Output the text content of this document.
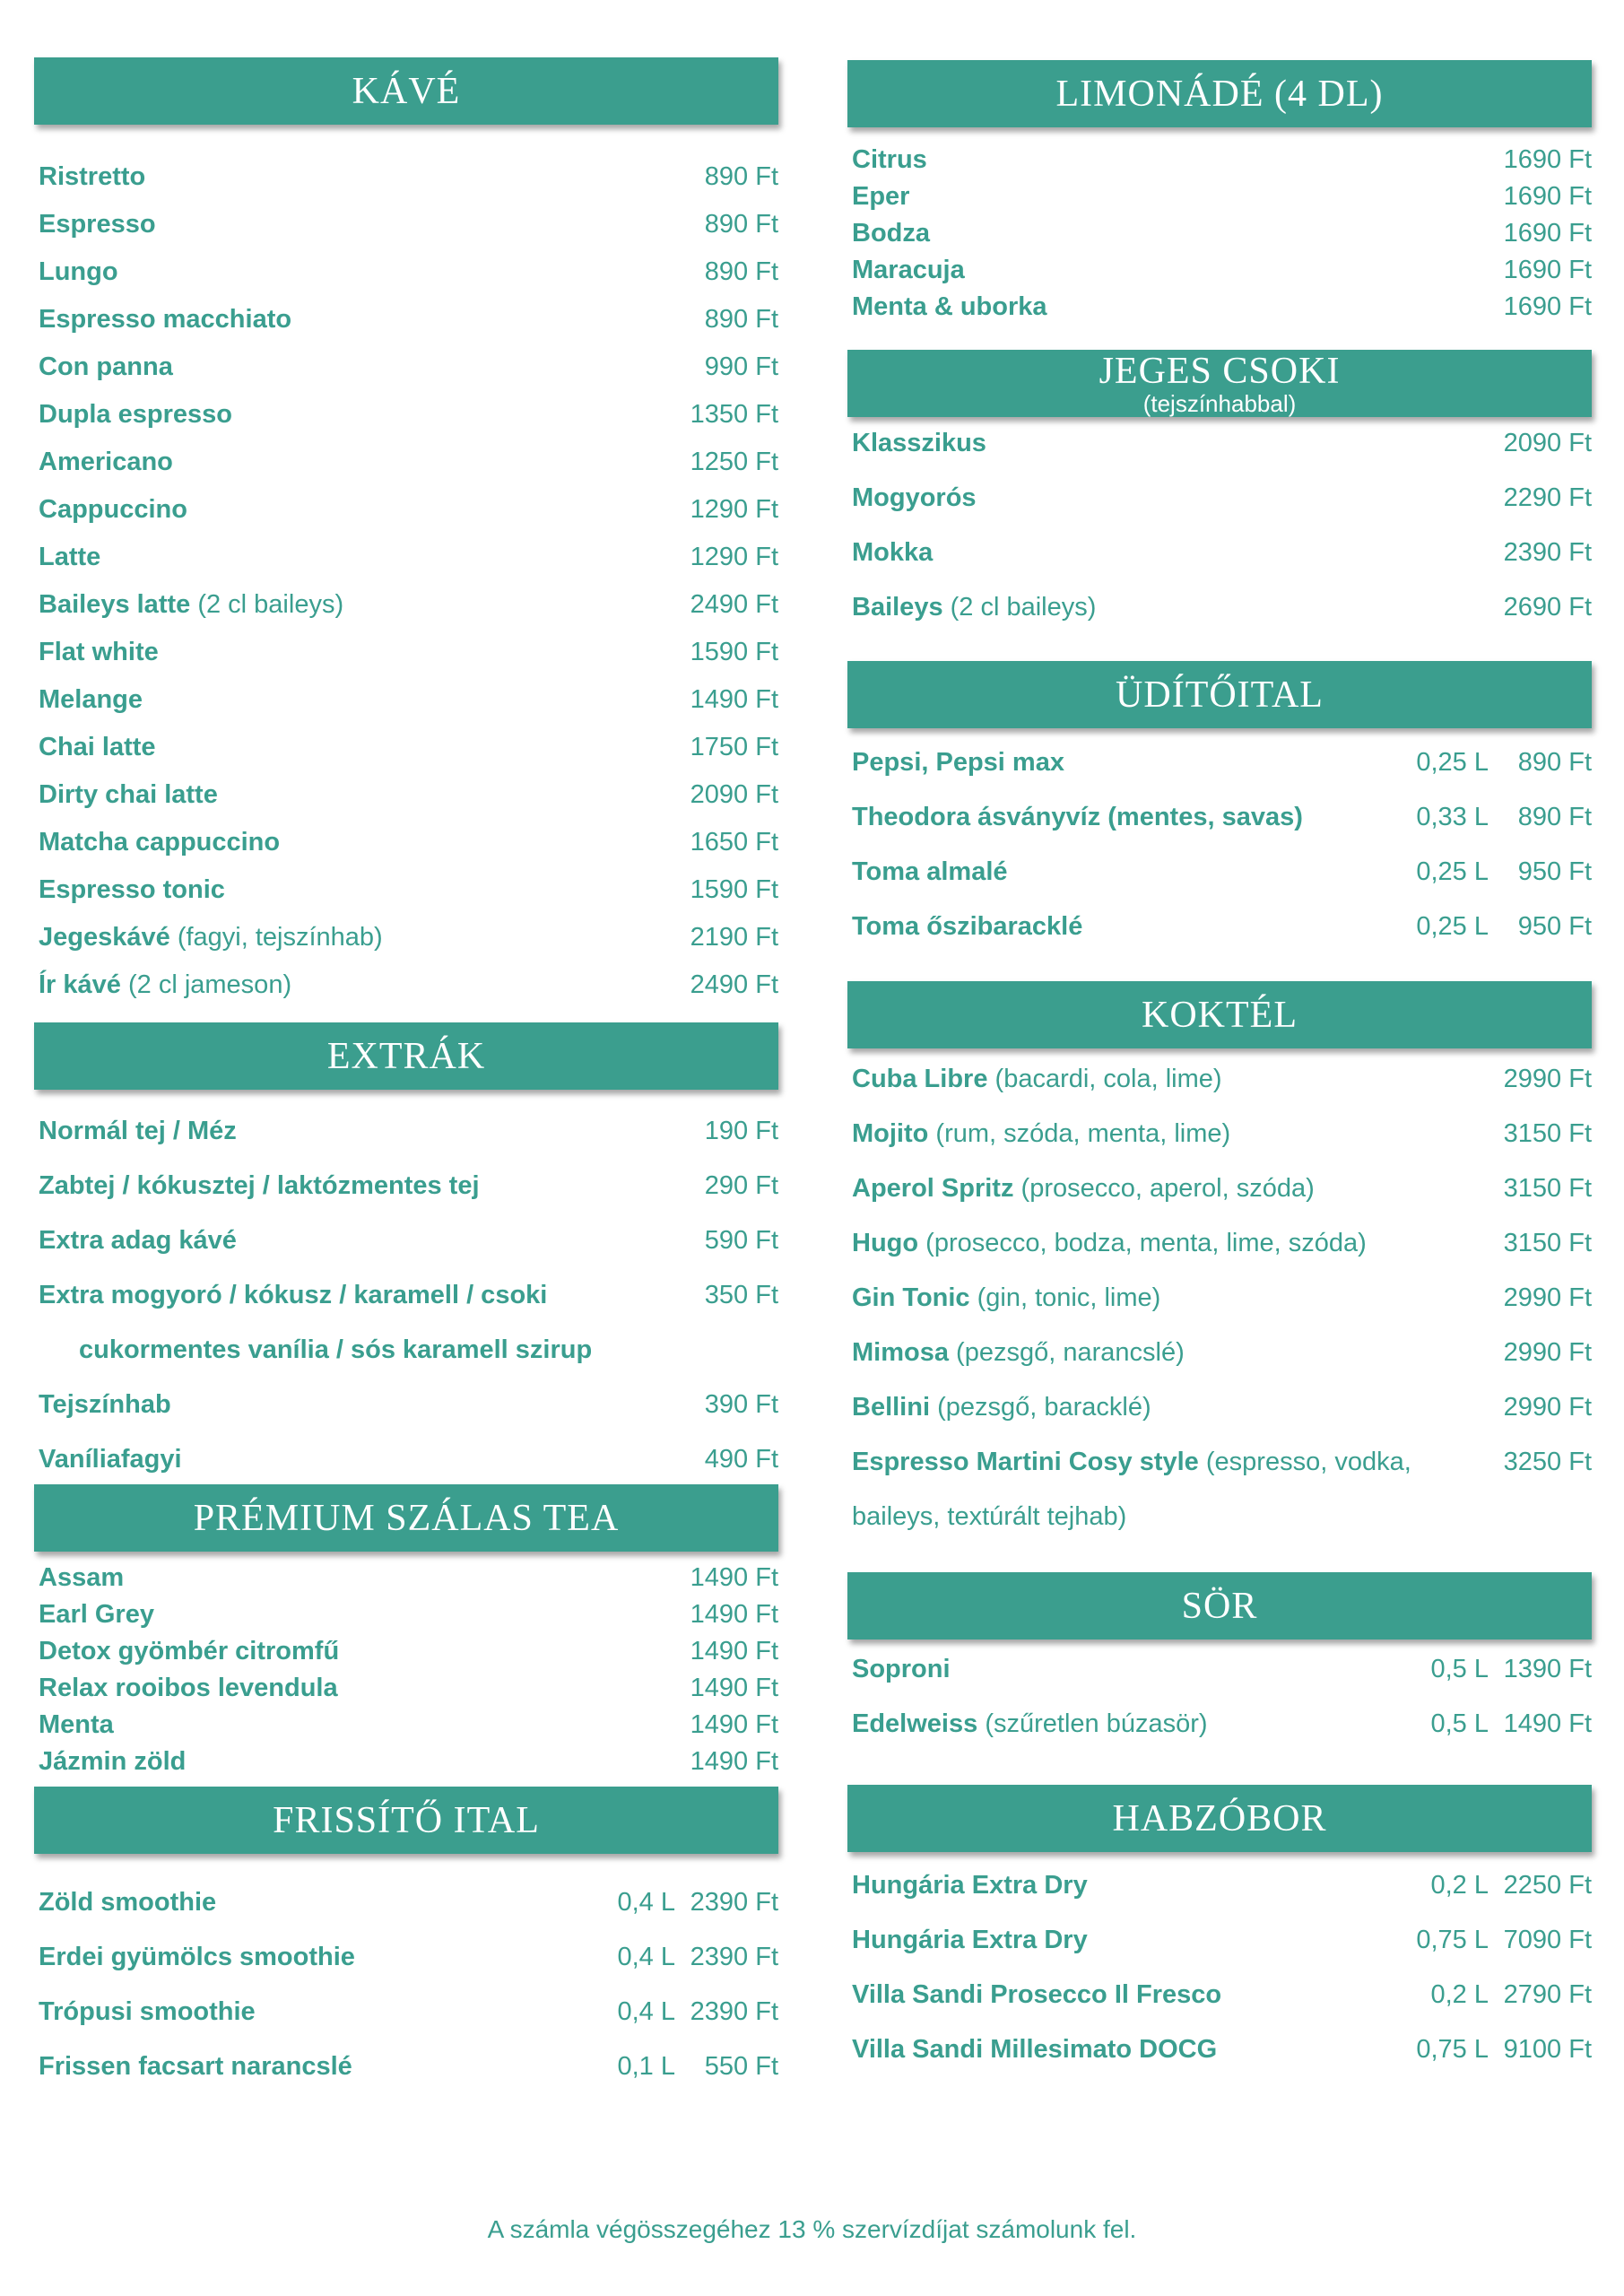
KÁVÉ
Ristretto	890 Ft
Espresso	890 Ft
Lungo	890 Ft
Espresso macchiato	890 Ft
Con panna	990 Ft
Dupla espresso	1350 Ft
Americano	1250 Ft
Cappuccino	1290 Ft
Latte	1290 Ft
Baileys latte (2 cl baileys)	2490 Ft
Flat white	1590 Ft
Melange	1490 Ft
Chai latte	1750 Ft
Dirty chai latte	2090 Ft
Matcha cappuccino	1650 Ft
Espresso tonic	1590 Ft
Jegeskávé (fagyi, tejszínhab)	2190 Ft
Ír kávé (2 cl jameson)	2490 Ft
EXTRÁK
Normál tej / Méz	190 Ft
Zabtej / kókusztej / laktózmentes tej	290 Ft
Extra adag kávé	590 Ft
Extra mogyoró / kókusz / karamell / csoki	350 Ft
cukormentes vanília / sós karamell szirup
Tejszínhab	390 Ft
Vaníliafagyi	490 Ft
PRÉMIUM SZÁLAS TEA
Assam	1490 Ft
Earl Grey	1490 Ft
Detox gyömbér citromfű	1490 Ft
Relax rooibos levendula	1490 Ft
Menta	1490 Ft
Jázmin zöld	1490 Ft
FRISSÍTŐ ITAL
Zöld smoothie	0,4 L 2390 Ft
Erdei gyümölcs smoothie	0,4 L 2390 Ft
Trópusi smoothie	0,4 L 2390 Ft
Frissen facsart narancslé	0,1 L 550 Ft
LIMONÁDÉ (4 DL)
Citrus	1690 Ft
Eper	1690 Ft
Bodza	1690 Ft
Maracuja	1690 Ft
Menta & uborka	1690 Ft
JEGES CSOKI
(tejszínhabbal)
Klasszikus	2090 Ft
Mogyorós	2290 Ft
Mokka	2390 Ft
Baileys (2 cl baileys)	2690 Ft
ÜDÍTŐITAL
Pepsi, Pepsi max	0,25 L 890 Ft
Theodora ásványvíz (mentes, savas)	0,33 L 890 Ft
Toma almalé	0,25 L 950 Ft
Toma őszibaracklé	0,25 L 950 Ft
KOKTÉL
Cuba Libre (bacardi, cola, lime)	2990 Ft
Mojito (rum, szóda, menta, lime)	3150 Ft
Aperol Spritz (prosecco, aperol, szóda)	3150 Ft
Hugo (prosecco, bodza, menta, lime, szóda)	3150 Ft
Gin Tonic (gin, tonic, lime)	2990 Ft
Mimosa (pezsgő, narancslé)	2990 Ft
Bellini (pezsgő, baracklé)	2990 Ft
Espresso Martini Cosy style (espresso, vodka,	3250 Ft
baileys, textúrált tejhab)
SÖR
Soproni	0,5 L 1390 Ft
Edelweiss (szűretlen búzasör)	0,5 L 1490 Ft
HABZÓBOR
Hungária Extra Dry	0,2 L 2250 Ft
Hungária Extra Dry	0,75 L 7090 Ft
Villa Sandi Prosecco Il Fresco	0,2 L 2790 Ft
Villa Sandi Millesimato DOCG	0,75 L 9100 Ft
A számla végösszegéhez 13 % szervízdíjat számolunk fel.
